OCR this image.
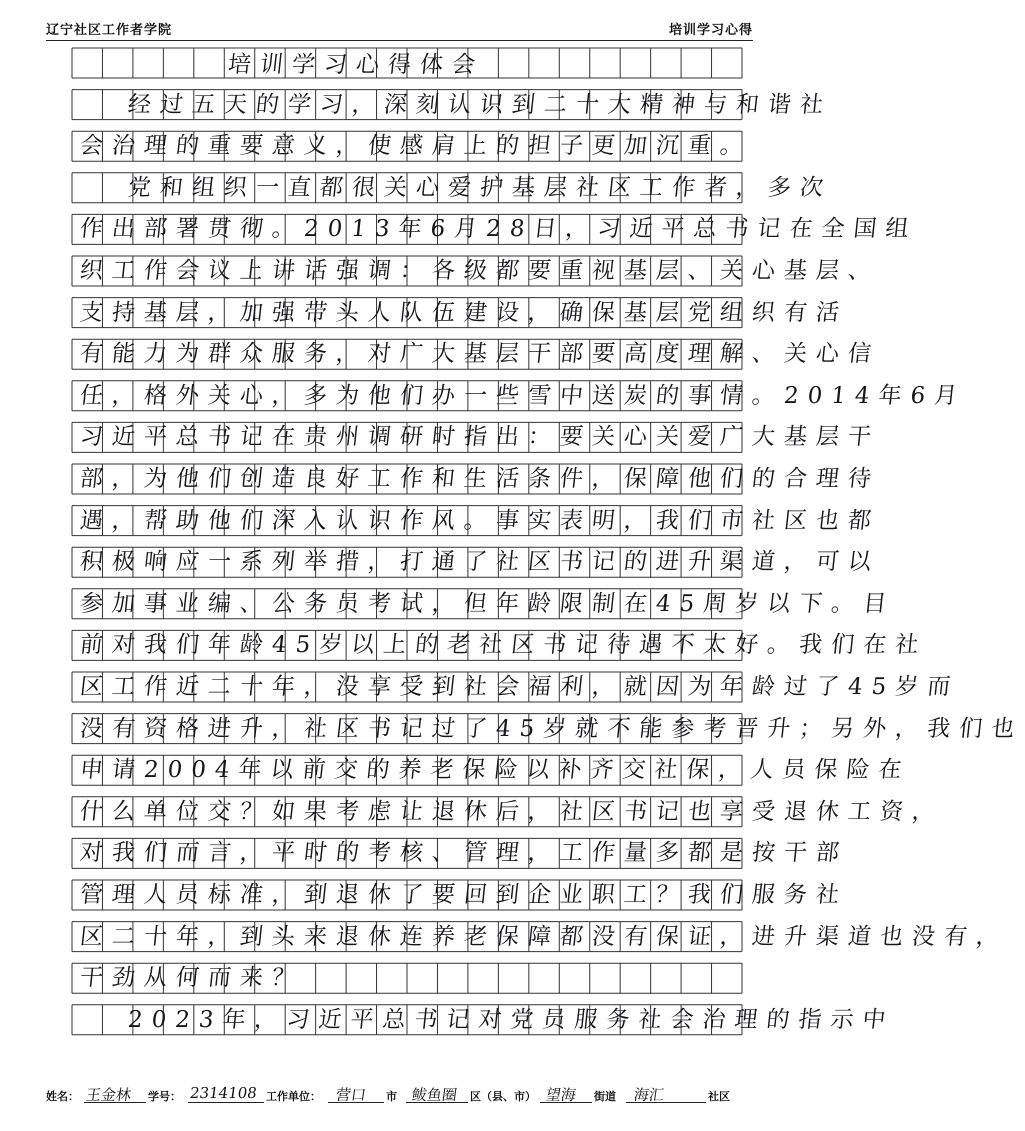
辽宁社区工作者学院	培训学习心得
培训学习心得体会
经过五天的学习，深刻认识到二十大精神与和谐社
会治理的重要意义，使感肩上的担子更加沉重。
党和组织一直都很关心爱护基层社区工作者，多次
作出部署贯彻。2013年6月28日，习近平总书记在全国组
织工作会议上讲话强调：各级都要重视基层、关心基层、
支持基层，加强带头人队伍建设，确保基层党组织有活
有能力为群众服务，对广大基层干部要高度理解、关心信
任，格外关心，多为他们办一些雪中送炭的事情。2014年6月
习近平总书记在贵州调研时指出：要关心关爱广大基层干
部，为他们创造良好工作和生活条件，保障他们的合理待
遇，帮助他们深入认识作风。事实表明，我们市社区也都
积极响应一系列举措，打通了社区书记的进升渠道，可以
参加事业编、公务员考试，但年龄限制在45周岁以下。目
前对我们年龄45岁以上的老社区书记待遇不太好。我们在社
区工作近二十年，没享受到社会福利，就因为年龄过了45岁而
没有资格进升，社区书记过了45岁就不能参考晋升；另外，我们也
申请2004年以前交的养老保险以补齐交社保，人员保险在
什么单位交？如果考虑让退休后，社区书记也享受退休工资，
对我们而言，平时的考核、管理，工作量多都是按干部
管理人员标准，到退休了要回到企业职工？我们服务社
区二十年，到头来退休连养老保障都没有保证，进升渠道也没有，
干劲从何而来？
2023年，习近平总书记对党员服务社会治理的指示中
姓名： 王金林 学号： 2314108 工作单位： 营口 市 鲅鱼圈 区（县、市） 望海 街道 海汇	社区
